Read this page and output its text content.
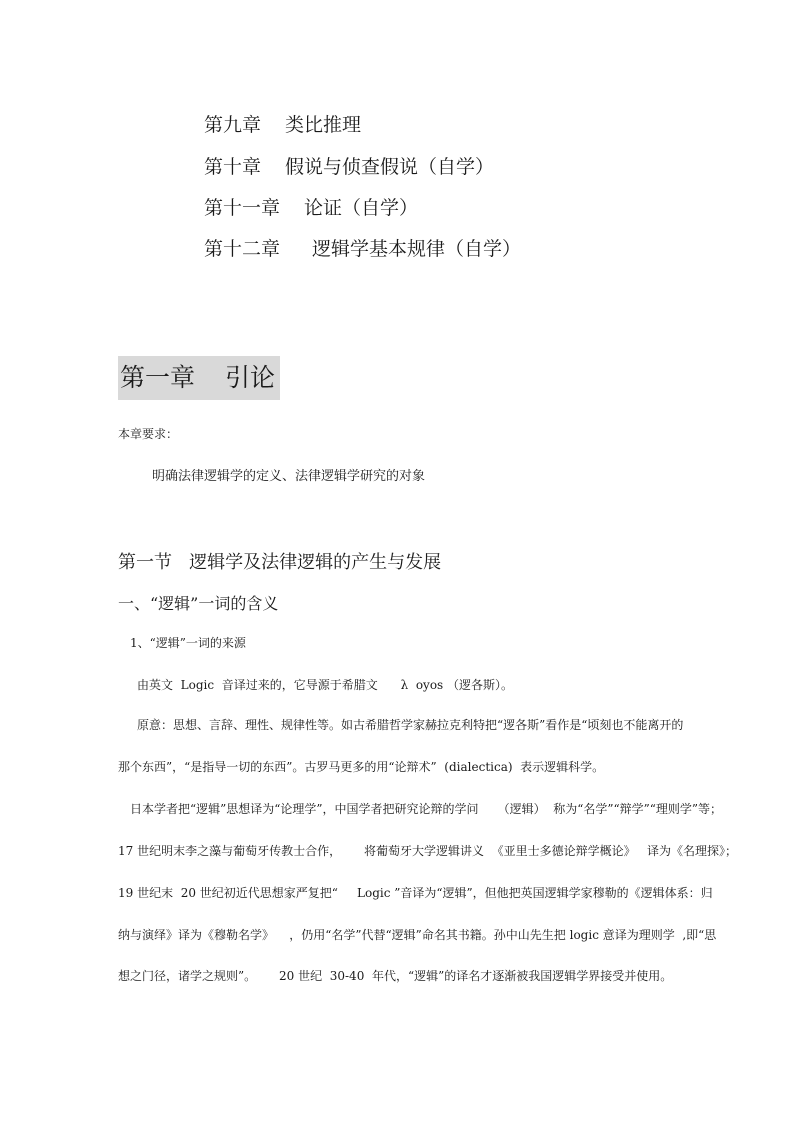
第九章 类比推理
第十章 假说与侦查假说（自学）
第十一章 论证（自学）
第十二章 逻辑学基本规律（自学）
第一章 引论
本章要求：
明确法律逻辑学的定义、法律逻辑学研究的对象
第一节   逻辑学及法律逻辑的产生与发展
一、“逻辑”一词的含义
1、“逻辑”一词的来源
由英文  Logic  音译过来的，它导源于希腊文      λ  oyos （逻各斯）。
原意：思想、言辞、理性、规律性等。如古希腊哲学家赫拉克利特把“逻各斯”看作是“顷刻也不能离开的
那个东西”，“是指导一切的东西”。古罗马更多的用“论辩术”  (dialectica)  表示逻辑科学。
日本学者把“逻辑”思想译为“论理学”，中国学者把研究论辩的学问     （逻辑）  称为“名学”“辩学”“理则学”等；
17 世纪明末李之藻与葡萄牙传教士合作，      将葡萄牙大学逻辑讲义  《亚里士多德论辩学概论》   译为《名理探》；
19 世纪末  20 世纪初近代思想家严复把“     Logic ”音译为“逻辑”，但他把英国逻辑学家穆勒的《逻辑体系：归
纳与演绎》译为《穆勒名学》    ，仍用“名学”代替“逻辑”命名其书籍。孙中山先生把 logic 意译为理则学  ,即“思
想之门径，诸学之规则”。      20 世纪  30-40  年代，“逻辑”的译名才逐渐被我国逻辑学界接受并使用。
